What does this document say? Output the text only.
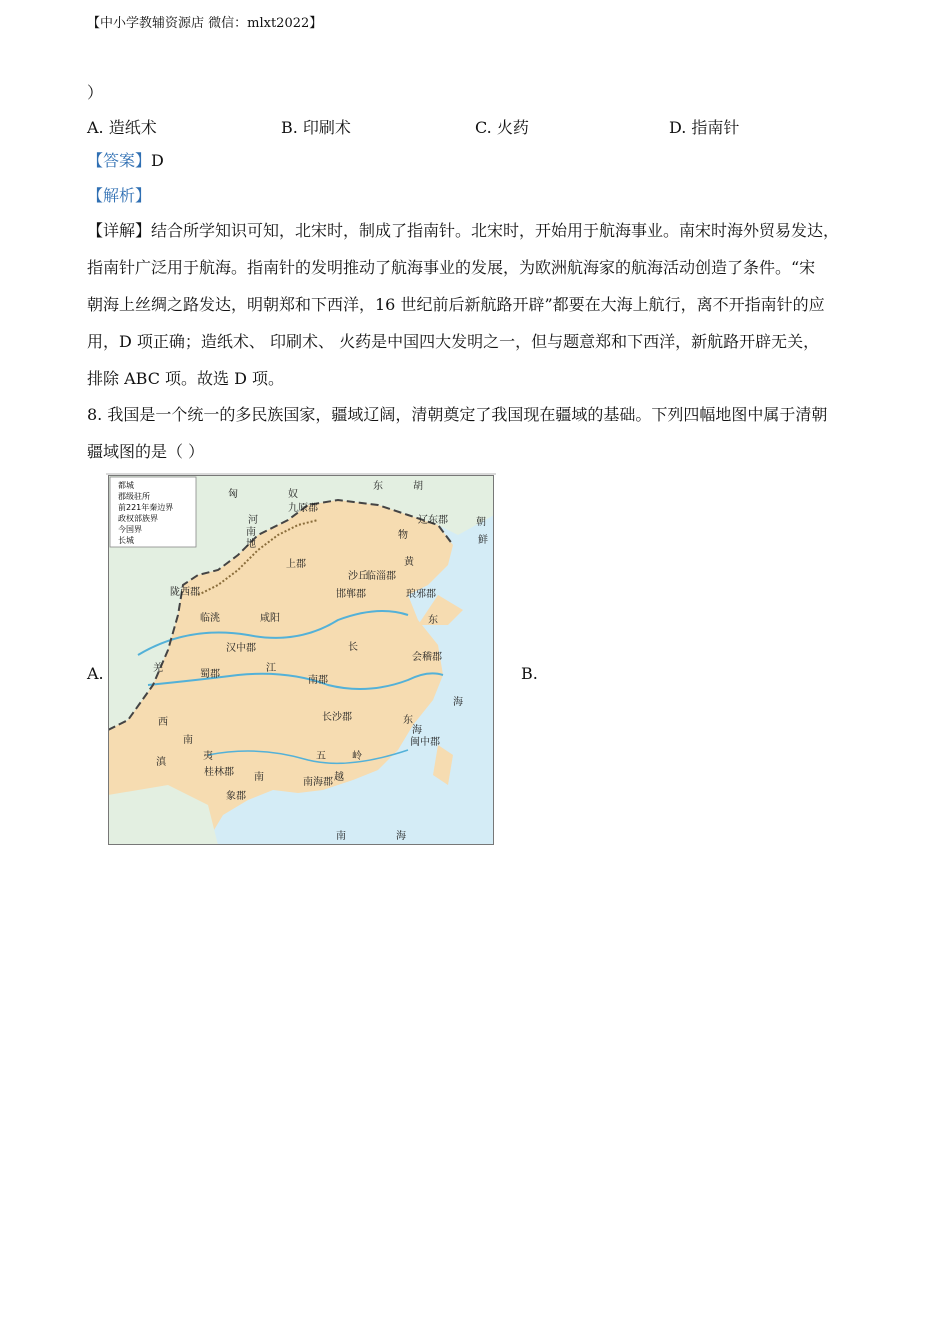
【中小学教辅资源店 微信：mlxt2022】
）
A. 造纸术	B. 印刷术	C. 火药	D. 指南针
【答案】D
【解析】
【详解】结合所学知识可知，北宋时，制成了指南针。北宋时，开始用于航海事业。南宋时海外贸易发达，
指南针广泛用于航海。指南针的发明推动了航海事业的发展，为欧洲航海家的航海活动创造了条件。“宋
朝海上丝绸之路发达，明朝郑和下西洋，16 世纪前后新航路开辟”都要在大海上航行，离不开指南针的应
用，D 项正确；造纸术、 印刷术、 火药是中国四大发明之一，但与题意郑和下西洋，新航路开辟无关，
排除 ABC 项。故选 D 项。
8. 我国是一个统一的多民族国家，疆域辽阔，清朝奠定了我国现在疆域的基础。下列四幅地图中属于清朝
疆域图的是（ ）
A.	B.
都城
郡级驻所
前221年秦边界
政权部族界
今国界
长城
匈	奴
东	胡
朝
鲜
九原郡
辽东郡
河
南
地
上郡
沙丘
临淄郡
邯郸郡	琅邪郡
陇西郡
临洮	咸阳
汉中郡
会稽郡
羌
蜀郡
南郡
长沙郡
西
南
夷
闽中郡
滇
桂林郡 南
五	岭
越
南海郡
象郡
南	海
东
海
物
黄
江
长
东
海
